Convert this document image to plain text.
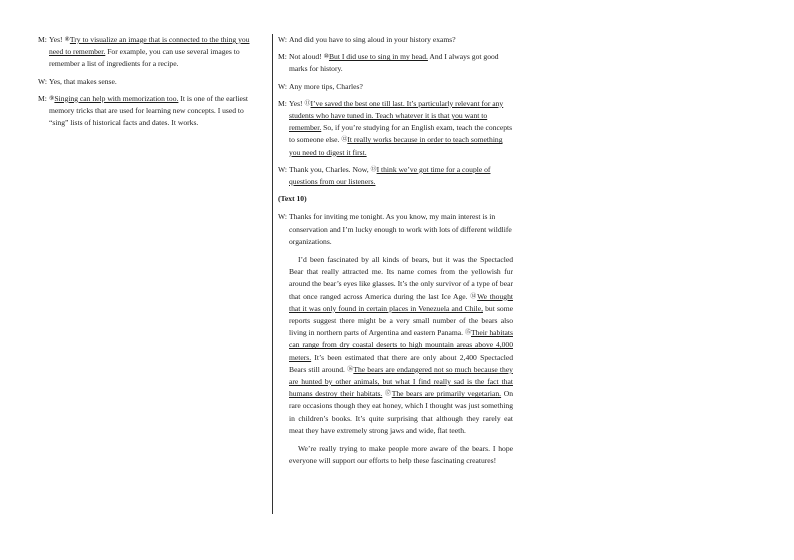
M: Yes! ⑧Try to visualize an image that is connected to the thing you need to remember. For example, you can use several images to remember a list of ingredients for a recipe.
W: Yes, that makes sense.
M: ⑨Singing can help with memorization too. It is one of the earliest memory tricks that are used for learning new concepts. I used to “sing” lists of historical facts and dates. It works.
W: And did you have to sing aloud in your history exams?
M: Not aloud! ⑩But I did use to sing in my head. And I always got good marks for history.
W: Any more tips, Charles?
M: Yes! ⑪I’ve saved the best one till last. It’s particularly relevant for any students who have tuned in. Teach whatever it is that you want to remember. So, if you’re studying for an English exam, teach the concepts to someone else. ⑫It really works because in order to teach something you need to digest it first.
W: Thank you, Charles. Now, ⑬I think we’ve got time for a couple of questions from our listeners.
(Text 10)
W: Thanks for inviting me tonight. As you know, my main interest is in conservation and I’m lucky enough to work with lots of different wildlife organizations.
I’d been fascinated by all kinds of bears, but it was the Spectacled Bear that really attracted me. Its name comes from the yellowish fur around the bear’s eyes like glasses. It’s the only survivor of a type of bear that once ranged across America during the last Ice Age. ⑭We thought that it was only found in certain places in Venezuela and Chile, but some reports suggest there might be a very small number of the bears also living in northern parts of Argentina and eastern Panama. ⑮Their habitats can range from dry coastal deserts to high mountain areas above 4,000 meters. It’s been estimated that there are only about 2,400 Spectacled Bears still around. ⑯The bears are endangered not so much because they are hunted by other animals, but what I find really sad is the fact that humans destroy their habitats. ⑰The bears are primarily vegetarian. On rare occasions though they eat honey, which I thought was just something in children’s books. It’s quite surprising that although they rarely eat meat they have extremely strong jaws and wide, flat teeth.
We’re really trying to make people more aware of the bears. I hope everyone will support our efforts to help these fascinating creatures!
